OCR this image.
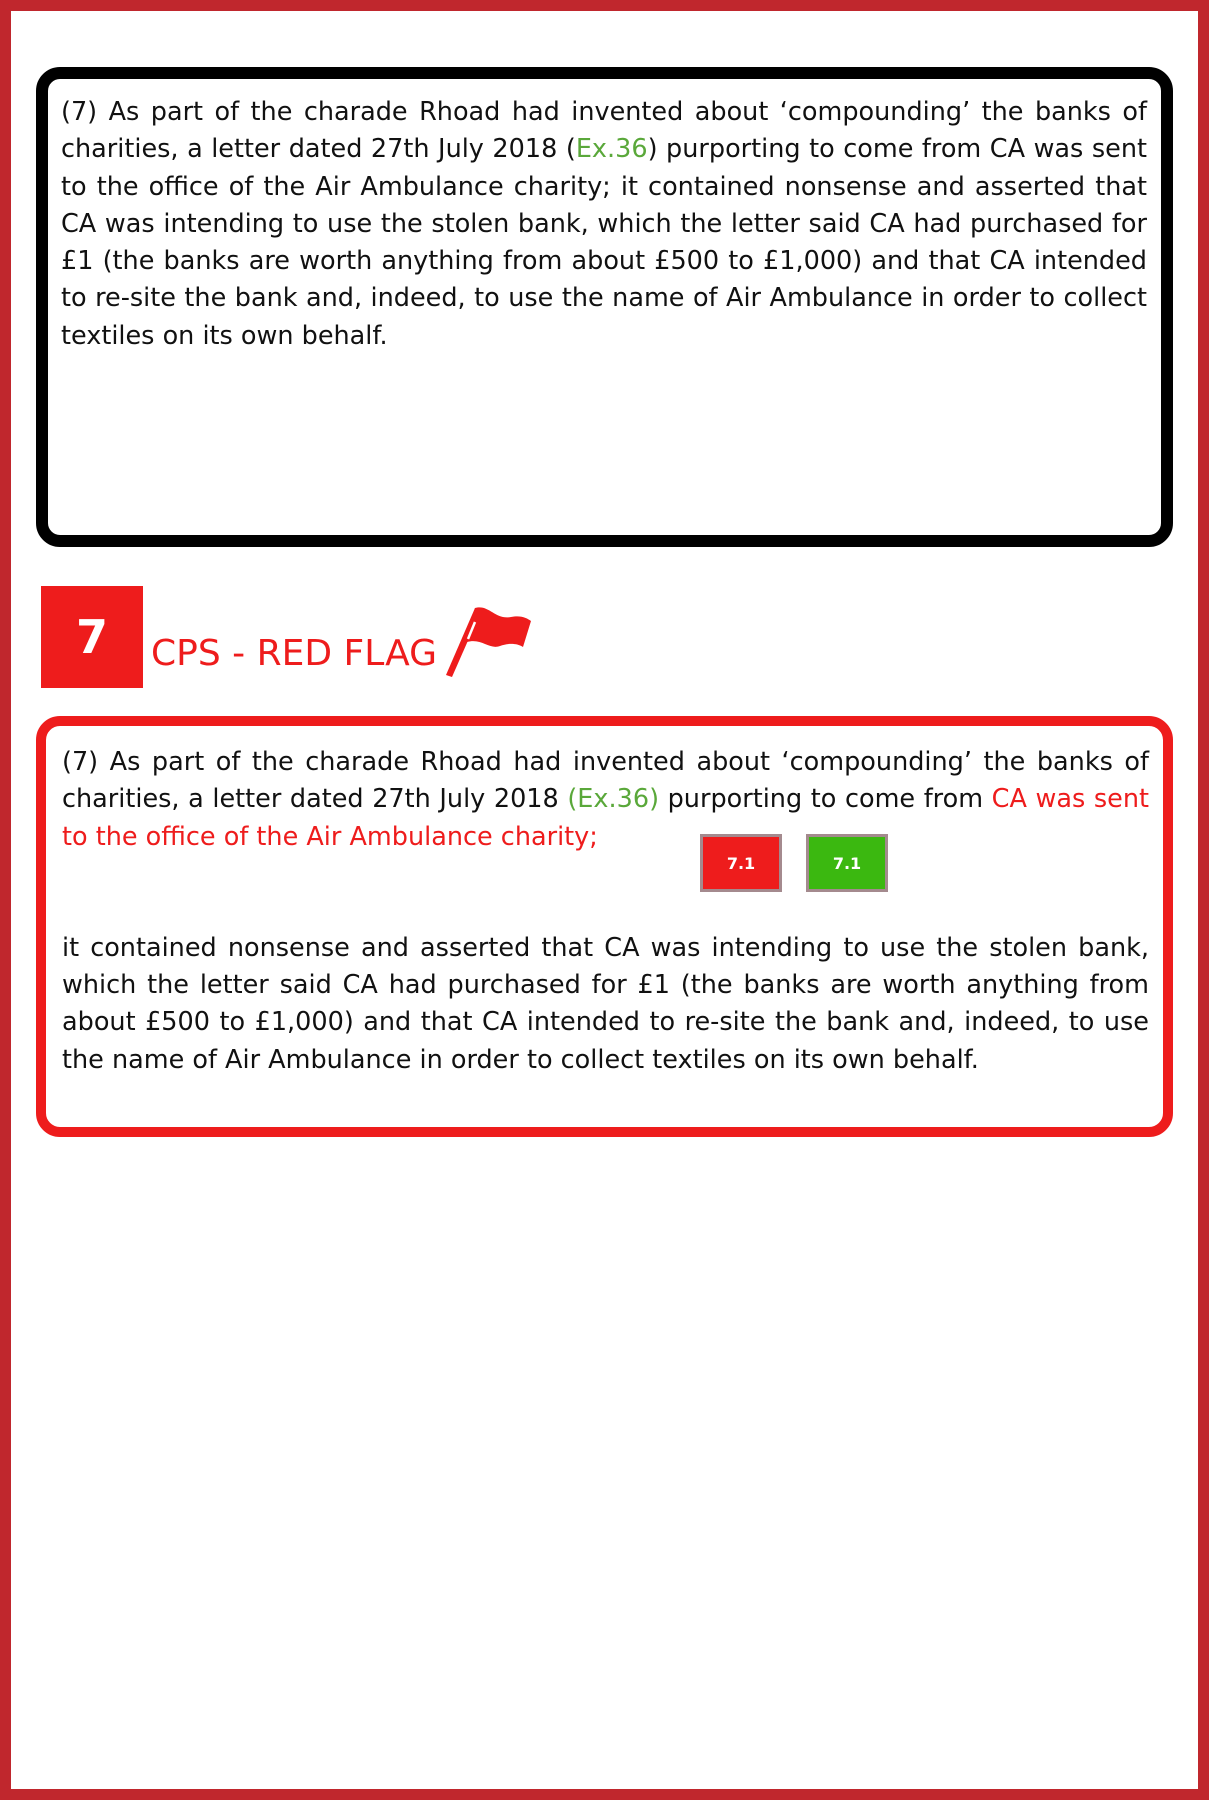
(7) As part of the charade Rhoad had invented about ‘compounding’ the banks of charities, a letter dated 27th July 2018 (Ex.36) purporting to come from CA was sent to the office of the Air Ambulance charity; it contained nonsense and asserted that CA was intending to use the stolen bank, which the letter said CA had purchased for £1 (the banks are worth anything from about £500 to £1,000) and that CA intended to re-site the bank and, indeed, to use the name of Air Ambulance in order to collect textiles on its own behalf.

7	CPS - RED FLAG

(7) As part of the charade Rhoad had invented about ‘compounding’ the banks of charities, a letter dated 27th July 2018 (Ex.36) purporting to come from CA was sent to the office of the Air Ambulance charity;

7.1	7.1

it contained nonsense and asserted that CA was intending to use the stolen bank, which the letter said CA had purchased for £1 (the banks are worth anything from about £500 to £1,000) and that CA intended to re-site the bank and, indeed, to use the name of Air Ambulance in order to collect textiles on its own behalf.
